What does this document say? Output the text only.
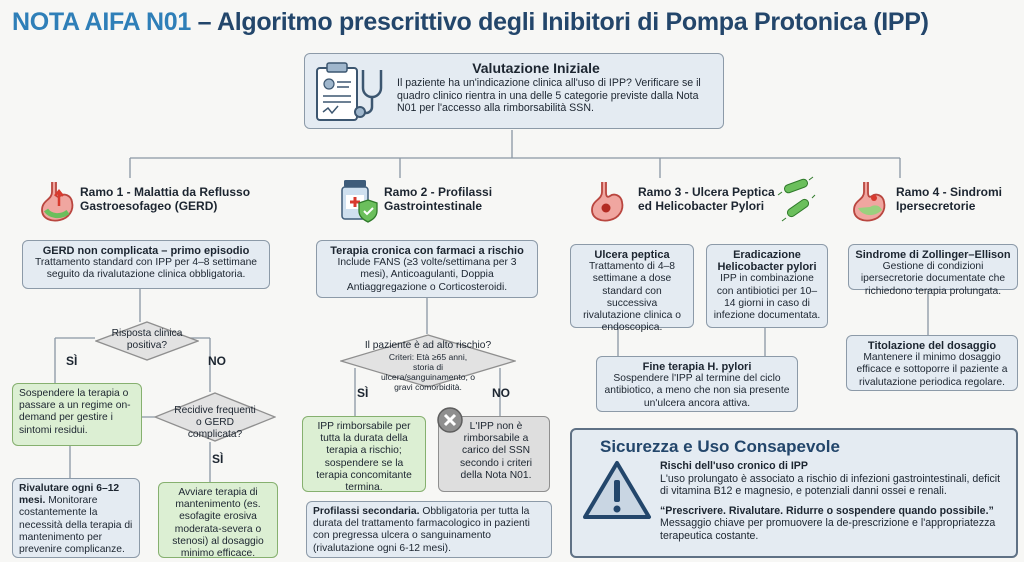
NOTA AIFA N01 – Algoritmo prescrittivo degli Inibitori di Pompa Protonica (IPP)
Valutazione Iniziale
Il paziente ha un'indicazione clinica all'uso di IPP? Verificare se il quadro clinico rientra in una delle 5 categorie previste dalla Nota N01 per l'accesso alla rimborsabilità SSN.
Ramo 1 - Malattia da Reflusso Gastroesofageo (GERD)
Ramo 2 - Profilassi Gastrointestinale
Ramo 3 - Ulcera Peptica ed Helicobacter Pylori
Ramo 4 - Sindromi Ipersecretorie
GERD non complicata – primo episodio
Trattamento standard con IPP per 4–8 settimane seguito da rivalutazione clinica obbligatoria.
Risposta clinica positiva?
SÌ	NO
Sospendere la terapia o passare a un regime on-demand per gestire i sintomi residui.
Recidive frequenti o GERD complicata?
SÌ
Rivalutare ogni 6–12 mesi. Monitorare costantemente la necessità della terapia di mantenimento per prevenire complicanze.
Avviare terapia di mantenimento (es. esofagite erosiva moderata-severa o stenosi) al dosaggio minimo efficace.
Terapia cronica con farmaci a rischio
Include FANS (≥3 volte/settimana per 3 mesi), Anticoagulanti, Doppia Antiaggregazione o Corticosteroidi.
Il paziente è ad alto rischio?
Criteri: Età ≥65 anni, storia di ulcera/sanguinamento, o gravi comorbidità.
SÌ	NO
IPP rimborsabile per tutta la durata della terapia a rischio; sospendere se la terapia concomitante termina.
L'IPP non è rimborsabile a carico del SSN secondo i criteri della Nota N01.
Profilassi secondaria. Obbligatoria per tutta la durata del trattamento farmacologico in pazienti con pregressa ulcera o sanguinamento (rivalutazione ogni 6-12 mesi).
Ulcera peptica
Trattamento di 4–8 settimane a dose standard con successiva rivalutazione clinica o endoscopica.
Eradicazione Helicobacter pylori
IPP in combinazione con antibiotici per 10–14 giorni in caso di infezione documentata.
Fine terapia H. pylori
Sospendere l'IPP al termine del ciclo antibiotico, a meno che non sia presente un'ulcera ancora attiva.
Sindrome di Zollinger–Ellison
Gestione di condizioni ipersecretorie documentate che richiedono terapia prolungata.
Titolazione del dosaggio
Mantenere il minimo dosaggio efficace e sottoporre il paziente a rivalutazione periodica regolare.
Sicurezza e Uso Consapevole
Rischi dell'uso cronico di IPP
L'uso prolungato è associato a rischio di infezioni gastrointestinali, deficit di vitamina B12 e magnesio, e potenziali danni ossei e renali.
“Prescrivere. Rivalutare. Ridurre o sospendere quando possibile.”
Messaggio chiave per promuovere la de-prescrizione e l'appropriatezza terapeutica costante.
